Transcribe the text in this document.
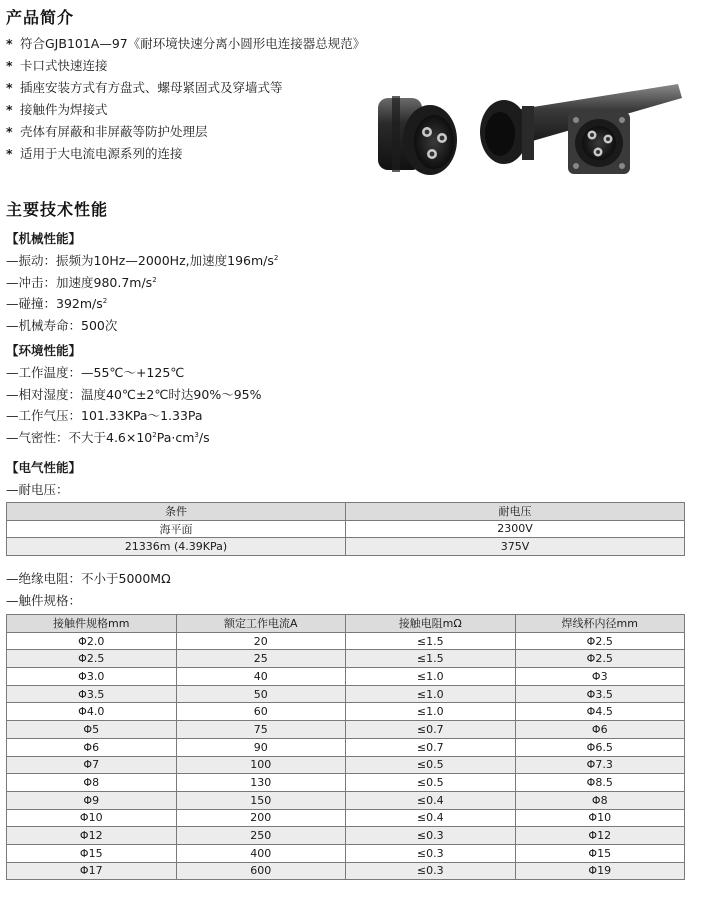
产品简介
* 符合GJB101A—97《耐环境快速分离小圆形电连接器总规范》
* 卡口式快速连接
* 插座安装方式有方盘式、螺母紧固式及穿墙式等
* 接触件为焊接式
* 壳体有屏蔽和非屏蔽等防护处理层
* 适用于大电流电源系列的连接
主要技术性能
【机械性能】
—振动：振频为10Hz—2000Hz,加速度$196m/s^2$
—冲击：加速度$980.7m/s^2$
—碰撞：$392m/s^2$
—机械寿命：500次
【环境性能】
—工作温度：—55℃～+125℃
—相对湿度：温度40℃±2℃时达90%～95%
—工作气压：101.33KPa～1.33Pa
—气密性：不大于$4.6\times 10^2Pa\cdot cm^3/s$
【电气性能】
—耐电压：
条件	耐电压
海平面	2300V
21336m (4.39KPa)	375V
—绝缘电阻：不小于5000MΩ
—触件规格：
接触件规格mm	额定工作电流A	接触电阻mΩ	焊线杯内径mm
Φ2.0	20	≤1.5	Φ2.5
Φ2.5	25	≤1.5	Φ2.5
Φ3.0	40	≤1.0	Φ3
Φ3.5	50	≤1.0	Φ3.5
Φ4.0	60	≤1.0	Φ4.5
Φ5	75	≤0.7	Φ6
Φ6	90	≤0.7	Φ6.5
Φ7	100	≤0.5	Φ7.3
Φ8	130	≤0.5	Φ8.5
Φ9	150	≤0.4	Φ8
Φ10	200	≤0.4	Φ10
Φ12	250	≤0.3	Φ12
Φ15	400	≤0.3	Φ15
Φ17	600	≤0.3	Φ19
